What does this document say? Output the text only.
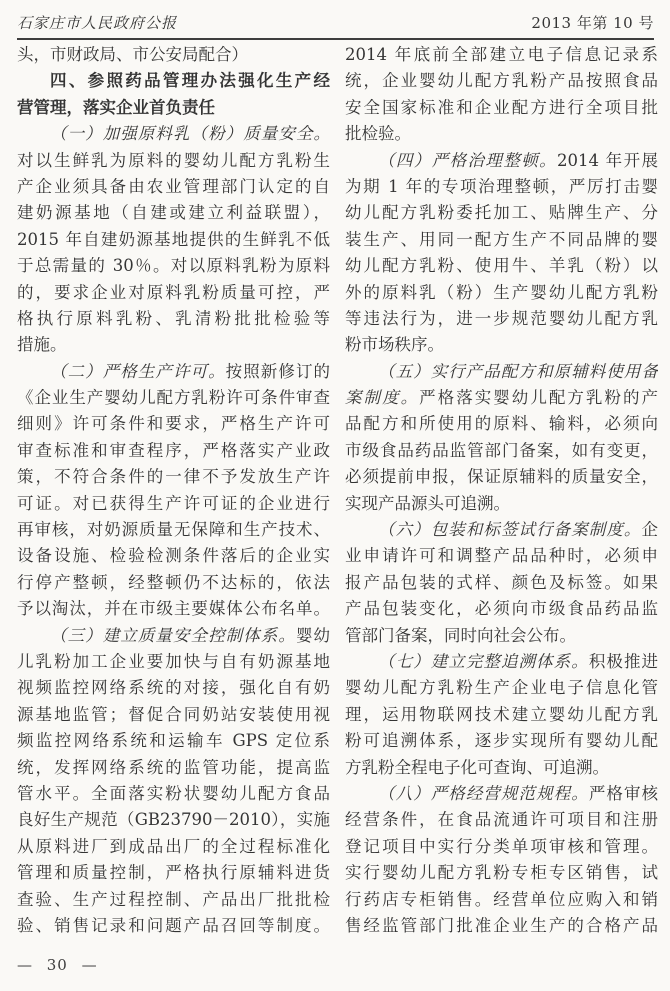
石家庄市人民政府公报	2013 年第 10 号
头，市财政局、市公安局配合）
四、参照药品管理办法强化生产经
营管理，落实企业首负责任
（一）加强原料乳（粉）质量安全。
对以生鲜乳为原料的婴幼儿配方乳粉生
产企业须具备由农业管理部门认定的自
建奶源基地（自建或建立利益联盟），
2015 年自建奶源基地提供的生鲜乳不低
于总需量的 30％。对以原料乳粉为原料
的，要求企业对原料乳粉质量可控，严
格执行原料乳粉、乳清粉批批检验等
措施。
（二）严格生产许可。按照新修订的
《企业生产婴幼儿配方乳粉许可条件审查
细则》许可条件和要求，严格生产许可
审查标准和审查程序，严格落实产业政
策，不符合条件的一律不予发放生产许
可证。对已获得生产许可证的企业进行
再审核，对奶源质量无保障和生产技术、
设备设施、检验检测条件落后的企业实
行停产整顿，经整顿仍不达标的，依法
予以淘汰，并在市级主要媒体公布名单。
（三）建立质量安全控制体系。婴幼
儿乳粉加工企业要加快与自有奶源基地
视频监控网络系统的对接，强化自有奶
源基地监管；督促合同奶站安装使用视
频监控网络系统和运输车 GPS 定位系
统，发挥网络系统的监管功能，提高监
管水平。全面落实粉状婴幼儿配方食品
良好生产规范（GB23790－2010），实施
从原料进厂到成品出厂的全过程标准化
管理和质量控制，严格执行原辅料进货
查验、生产过程控制、产品出厂批批检
验、销售记录和问题产品召回等制度。
2014 年底前全部建立电子信息记录系
统，企业婴幼儿配方乳粉产品按照食品
安全国家标准和企业配方进行全项目批
批检验。
（四）严格治理整顿。2014 年开展
为期 1 年的专项治理整顿，严厉打击婴
幼儿配方乳粉委托加工、贴牌生产、分
装生产、用同一配方生产不同品牌的婴
幼儿配方乳粉、使用牛、羊乳（粉）以
外的原料乳（粉）生产婴幼儿配方乳粉
等违法行为，进一步规范婴幼儿配方乳
粉市场秩序。
（五）实行产品配方和原辅料使用备
案制度。严格落实婴幼儿配方乳粉的产
品配方和所使用的原料、输料，必须向
市级食品药品监管部门备案，如有变更，
必须提前申报，保证原辅料的质量安全，
实现产品源头可追溯。
（六）包装和标签试行备案制度。企
业申请许可和调整产品品种时，必须申
报产品包装的式样、颜色及标签。如果
产品包装变化，必须向市级食品药品监
管部门备案，同时向社会公布。
（七）建立完整追溯体系。积极推进
婴幼儿配方乳粉生产企业电子信息化管
理，运用物联网技术建立婴幼儿配方乳
粉可追溯体系，逐步实现所有婴幼儿配
方乳粉全程电子化可查询、可追溯。
（八）严格经营规范规程。严格审核
经营条件，在食品流通许可项目和注册
登记项目中实行分类单项审核和管理。
实行婴幼儿配方乳粉专柜专区销售，试
行药店专柜销售。经营单位应购入和销
售经监管部门批准企业生产的合格产品
— 30 —
